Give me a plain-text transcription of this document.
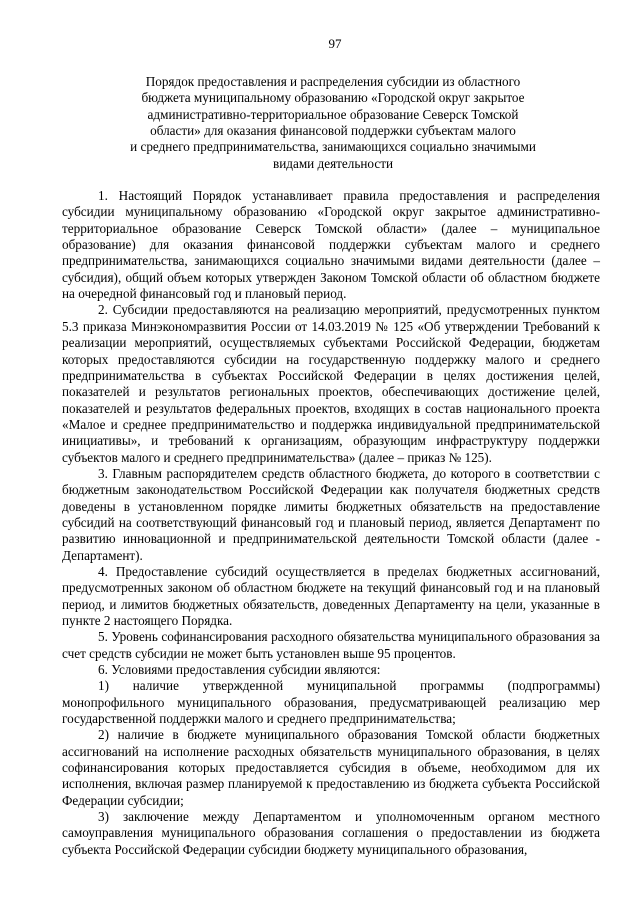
97
Порядок предоставления и распределения субсидии из областного
бюджета муниципальному образованию «Городской округ закрытое
административно-территориальное образование Северск Томской
области» для оказания финансовой поддержки субъектам малого
и среднего предпринимательства, занимающихся социально значимыми
видами деятельности

1. Настоящий Порядок устанавливает правила предоставления и распределения субсидии муниципальному образованию «Городской округ закрытое административно-территориальное образование Северск Томской области» (далее – муниципальное образование) для оказания финансовой поддержки субъектам малого и среднего предпринимательства, занимающихся социально значимыми видами деятельности (далее – субсидия), общий объем которых утвержден Законом Томской области об областном бюджете на очередной финансовый год и плановый период.

2. Субсидии предоставляются на реализацию мероприятий, предусмотренных пунктом 5.3 приказа Минэкономразвития России от 14.03.2019 № 125 «Об утверждении Требований к реализации мероприятий, осуществляемых субъектами Российской Федерации, бюджетам которых предоставляются субсидии на государственную поддержку малого и среднего предпринимательства в субъектах Российской Федерации в целях достижения целей, показателей и результатов региональных проектов, обеспечивающих достижение целей, показателей и результатов федеральных проектов, входящих в состав национального проекта «Малое и среднее предпринимательство и поддержка индивидуальной предпринимательской инициативы», и требований к организациям, образующим инфраструктуру поддержки субъектов малого и среднего предпринимательства» (далее – приказ № 125).

3. Главным распорядителем средств областного бюджета, до которого в соответствии с бюджетным законодательством Российской Федерации как получателя бюджетных средств доведены в установленном порядке лимиты бюджетных обязательств на предоставление субсидий на соответствующий финансовый год и плановый период, является Департамент по развитию инновационной и предпринимательской деятельности Томской области (далее - Департамент).

4. Предоставление субсидий осуществляется в пределах бюджетных ассигнований, предусмотренных законом об областном бюджете на текущий финансовый год и на плановый период, и лимитов бюджетных обязательств, доведенных Департаменту на цели, указанные в пункте 2 настоящего Порядка.

5. Уровень софинансирования расходного обязательства муниципального образования за счет средств субсидии не может быть установлен выше 95 процентов.

6. Условиями предоставления субсидии являются:

1) наличие утвержденной муниципальной программы (подпрограммы) монопрофильного муниципального образования, предусматривающей реализацию мер государственной поддержки малого и среднего предпринимательства;

2) наличие в бюджете муниципального образования Томской области бюджетных ассигнований на исполнение расходных обязательств муниципального образования, в целях софинансирования которых предоставляется субсидия в объеме, необходимом для их исполнения, включая размер планируемой к предоставлению из бюджета субъекта Российской Федерации субсидии;

3) заключение между Департаментом и уполномоченным органом местного самоуправления муниципального образования соглашения о предоставлении из бюджета субъекта Российской Федерации субсидии бюджету муниципального образования,
